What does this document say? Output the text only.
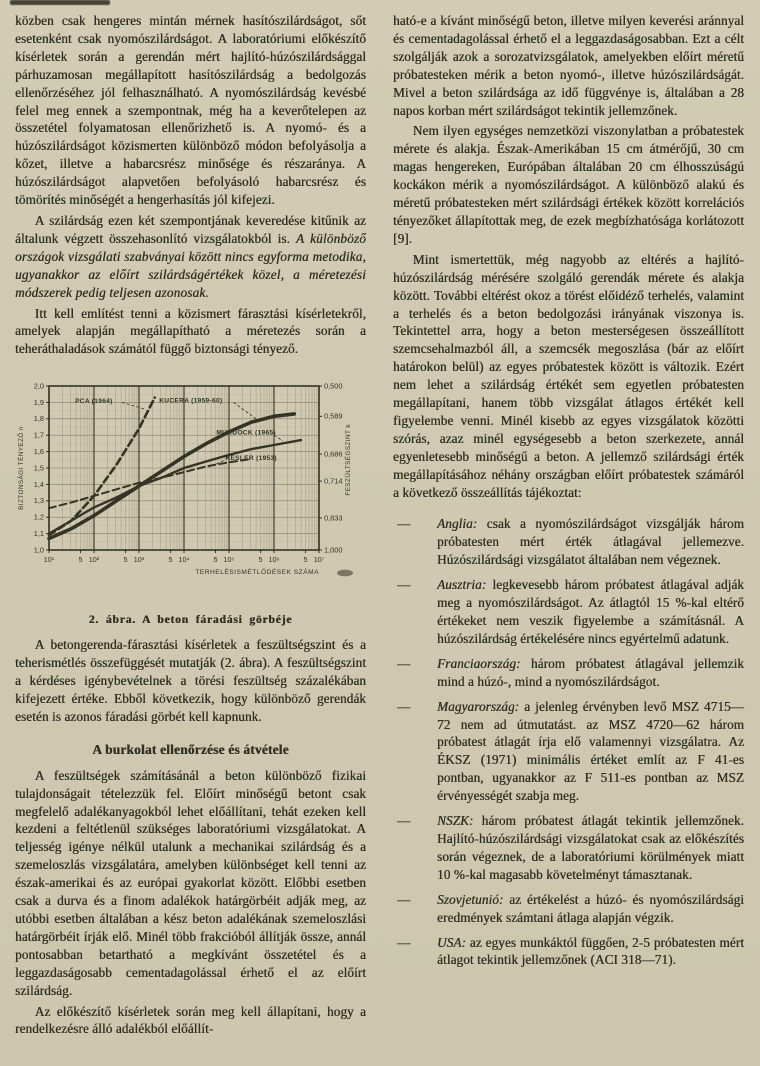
közben csak hengeres mintán mérnek hasítószilárdságot, sőt esetenként csak nyomószilárdságot. A laboratóriumi előkészítő kísérletek során a gerendán mért hajlító-húzószilárdsággal párhuzamosan megállapított hasítószilárdság a bedolgozás ellenőrzéséhez jól felhasználható. A nyomószilárdság kevésbé felel meg ennek a szempontnak, még ha a keverőtelepen az összetétel folyamatosan ellenőrizhető is. A nyomó- és a húzószilárdságot közismerten különböző módon befolyásolja a kőzet, illetve a habarcsrész minősége és részaránya. A húzószilárdságot alapvetően befolyásoló habarcsrész és tömörítés minőségét a hengerhasítás jól kifejezi.

A szilárdság ezen két szempontjának keveredése kitűnik az általunk végzett összehasonlító vizsgálatokból is. A különböző országok vizsgálati szabványai között nincs egyforma metodika, ugyanakkor az előírt szilárdságértékek közel, a méretezési módszerek pedig teljesen azonosak.

Itt kell említést tenni a közismert fárasztási kísérletekről, amelyek alapján megállapítható a méretezés során a teheráthaladások számától függő biztonsági tényező.

2,0
1,9
1,8
1,7
1,6
1,5
1,4
1,3
1,2
1,1
1,0
0,500
0,589
0,686
0,714
0,833
1,000
10¹	5 10²	5 10³	5 10⁴	5 10⁵	5 10⁶	5 10⁷
BIZTONSÁGI TÉNYEZŐ n	FESZÜLTSÉGSZINT k
TERHELÉSISMÉTLŐDÉSEK SZÁMA
PCA (1964)	KUCERA (1959-60)
MURDOCK (1965)
KESLER (1953)
2. ábra. A beton fáradási görbéje

A betongerenda-fárasztási kísérletek a feszültségszint és a teherismétlés összefüggését mutatják (2. ábra). A feszültségszint a kérdéses igénybevételnek a törési feszültség százalékában kifejezett értéke. Ebből következik, hogy különböző gerendák esetén is azonos fáradási görbét kell kapnunk.

A burkolat ellenőrzése és átvétele

A feszültségek számításánál a beton különböző fizikai tulajdonságait tételezzük fel. Előírt minőségű betont csak megfelelő adalékanyagokból lehet előállítani, tehát ezeken kell kezdeni a feltétlenül szükséges laboratóriumi vizsgálatokat. A teljesség igénye nélkül utalunk a mechanikai szilárdság és a szemeloszlás vizsgálatára, amelyben különbséget kell tenni az észak-amerikai és az európai gyakorlat között. Előbbi esetben csak a durva és a finom adalékok határgörbéit adják meg, az utóbbi esetben általában a kész beton adalékának szemeloszlási határgörbéit írják elő. Minél több frakcióból állítják össze, annál pontosabban betartható a megkívánt összetétel és a leggazdaságosabb cementadagolással érhető el az előírt szilárdság.

Az előkészítő kísérletek során meg kell állapítani, hogy a rendelkezésre álló adalékból előállít-

ható-e a kívánt minőségű beton, illetve milyen keverési aránnyal és cementadagolással érhető el a leggazdaságosabban. Ezt a célt szolgálják azok a sorozatvizsgálatok, amelyekben előírt méretű próbatesteken mérik a beton nyomó-, illetve húzószilárdságát. Mivel a beton szilárdsága az idő függvénye is, általában a 28 napos korban mért szilárdságot tekintik jellemzőnek.

Nem ilyen egységes nemzetközi viszonylatban a próbatestek mérete és alakja. Észak-Amerikában 15 cm átmérőjű, 30 cm magas hengereken, Európában általában 20 cm élhosszúságú kockákon mérik a nyomószilárdságot. A különböző alakú és méretű próbatesteken mért szilárdsági értékek között korrelációs tényezőket állapítottak meg, de ezek megbízhatósága korlátozott [9].

Mint ismertettük, még nagyobb az eltérés a hajlító-húzószilárdság mérésére szolgáló gerendák mérete és alakja között. További eltérést okoz a törést előidéző terhelés, valamint a terhelés és a beton bedolgozási irányának viszonya is. Tekintettel arra, hogy a beton mesterségesen összeállított szemcsehalmazból áll, a szemcsék megoszlása (bár az előírt határokon belül) az egyes próbatestek között is változik. Ezért nem lehet a szilárdság értékét sem egyetlen próbatesten megállapítani, hanem több vizsgálat átlagos értékét kell figyelembe venni. Minél kisebb az egyes vizsgálatok közötti szórás, azaz minél egységesebb a beton szerkezete, annál egyenletesebb minőségű a beton. A jellemző szilárdsági érték megállapításához néhány országban előírt próbatestek számáról a következő összeállítás tájékoztat:

— Anglia: csak a nyomószilárdságot vizsgálják három próbatesten mért érték átlagával jellemezve. Húzószilárdsági vizsgálatot általában nem végeznek.
— Ausztria: legkevesebb három próbatest átlagával adják meg a nyomószilárdságot. Az átlagtól 15 %-kal eltérő értékeket nem veszik figyelembe a számításnál. A húzószilárdság értékelésére nincs egyértelmű adatunk.
— Franciaország: három próbatest átlagával jellemzik mind a húzó-, mind a nyomószilárdságot.
— Magyarország: a jelenleg érvényben levő MSZ 4715—72 nem ad útmutatást. az MSZ 4720—62 három próbatest átlagát írja elő valamennyi vizsgálatra. Az ÉKSZ (1971) minimális értéket említ az F 41-es pontban, ugyanakkor az F 511-es pontban az MSZ érvényességét szabja meg.
— NSZK: három próbatest átlagát tekintik jellemzőnek. Hajlító-húzószilárdsági vizsgálatokat csak az előkészítés során végeznek, de a laboratóriumi körülmények miatt 10 %-kal magasabb követelményt támasztanak.
— Szovjetunió: az értékelést a húzó- és nyomószilárdsági eredmények számtani átlaga alapján végzik.
— USA: az egyes munkáktól függően, 2-5 próbatesten mért átlagot tekintik jellemzőnek (ACI 318—71).
